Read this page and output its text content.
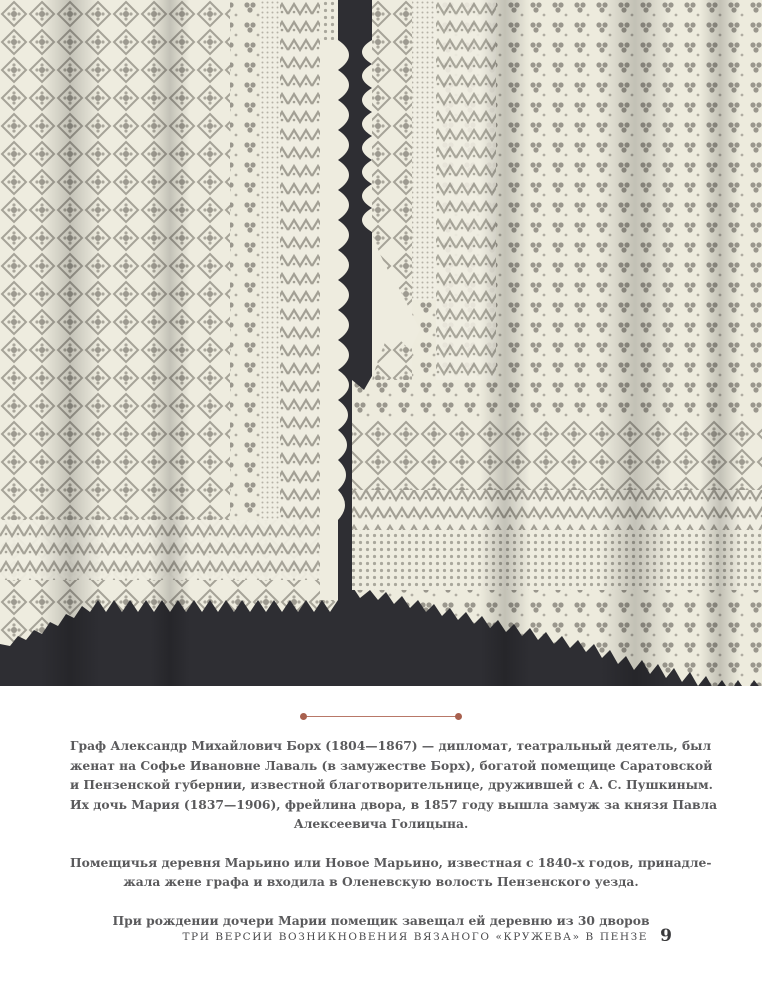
Граф Александр Михайлович Борх (1804—1867) — дипломат, театральный деятель, был
женат на Софье Ивановне Лаваль (в замужестве Борх), богатой помещице Саратовской
и Пензенской губернии, известной благотворительнице, дружившей с А. С. Пушкиным.
Их дочь Мария (1837—1906), фрейлина двора, в 1857 году вышла замуж за князя Павла
Алексеевича Голицына.

Помещичья деревня Марьино или Новое Марьино, известная с 1840-х годов, принадле-
жала жене графа и входила в Оленевскую волость Пензенского уезда.

При рождении дочери Марии помещик завещал ей деревню из 30 дворов

ТРИ ВЕРСИИ ВОЗНИКНОВЕНИЯ ВЯЗАНОГО «КРУЖЕВА» В ПЕНЗЕ 9
